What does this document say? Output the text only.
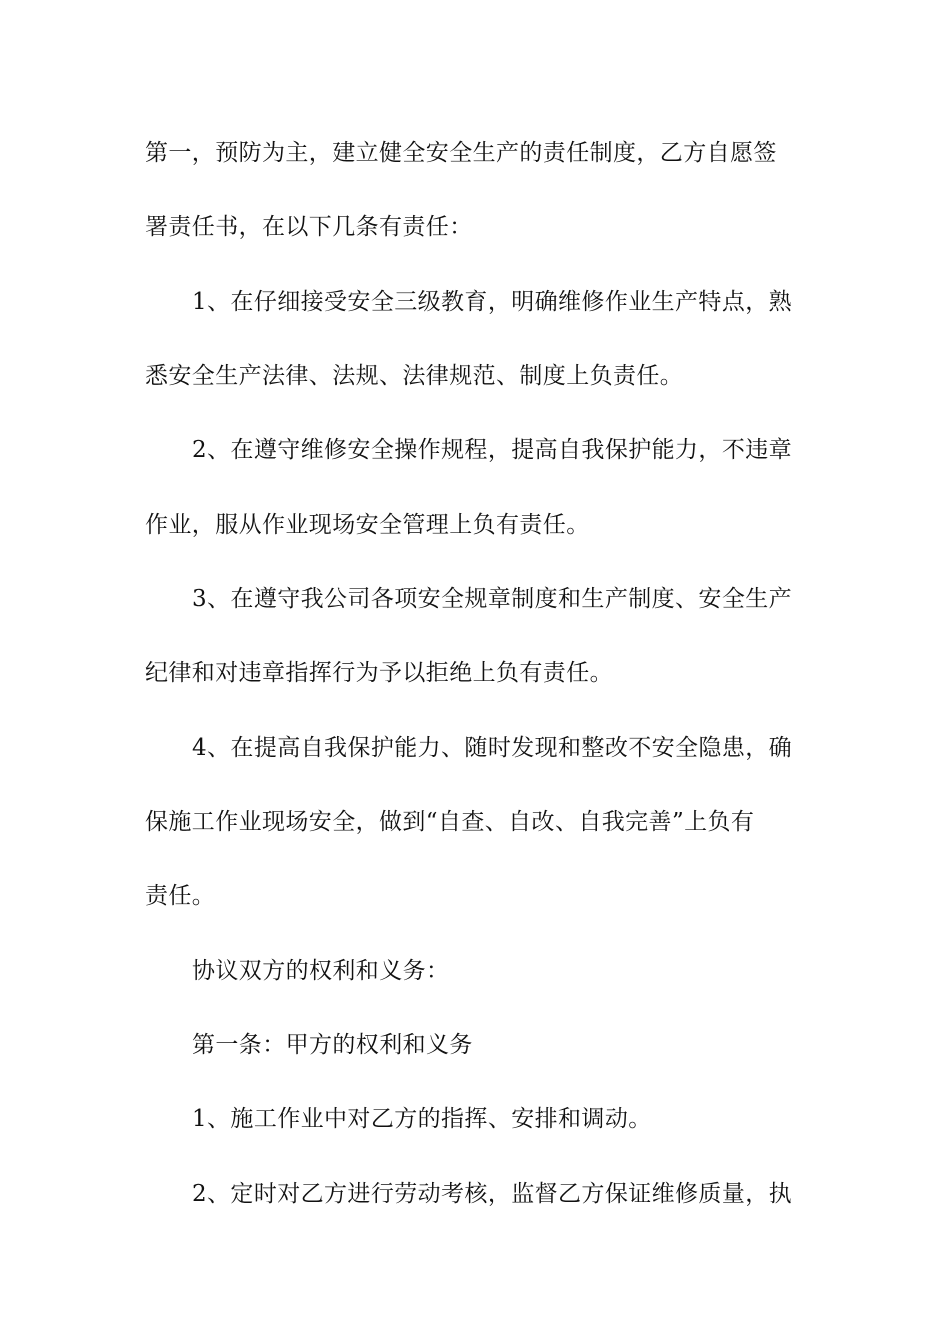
第一，预防为主，建立健全安全生产的责任制度，乙方自愿签
署责任书，在以下几条有责任：
1、在仔细接受安全三级教育，明确维修作业生产特点，熟
悉安全生产法律、法规、法律规范、制度上负责任。
2、在遵守维修安全操作规程，提高自我保护能力，不违章
作业，服从作业现场安全管理上负有责任。
3、在遵守我公司各项安全规章制度和生产制度、安全生产
纪律和对违章指挥行为予以拒绝上负有责任。
4、在提高自我保护能力、随时发现和整改不安全隐患，确
保施工作业现场安全，做到“自查、自改、自我完善”上负有
责任。
协议双方的权利和义务：
第一条：甲方的权利和义务
1、施工作业中对乙方的指挥、安排和调动。
2、定时对乙方进行劳动考核，监督乙方保证维修质量，执
